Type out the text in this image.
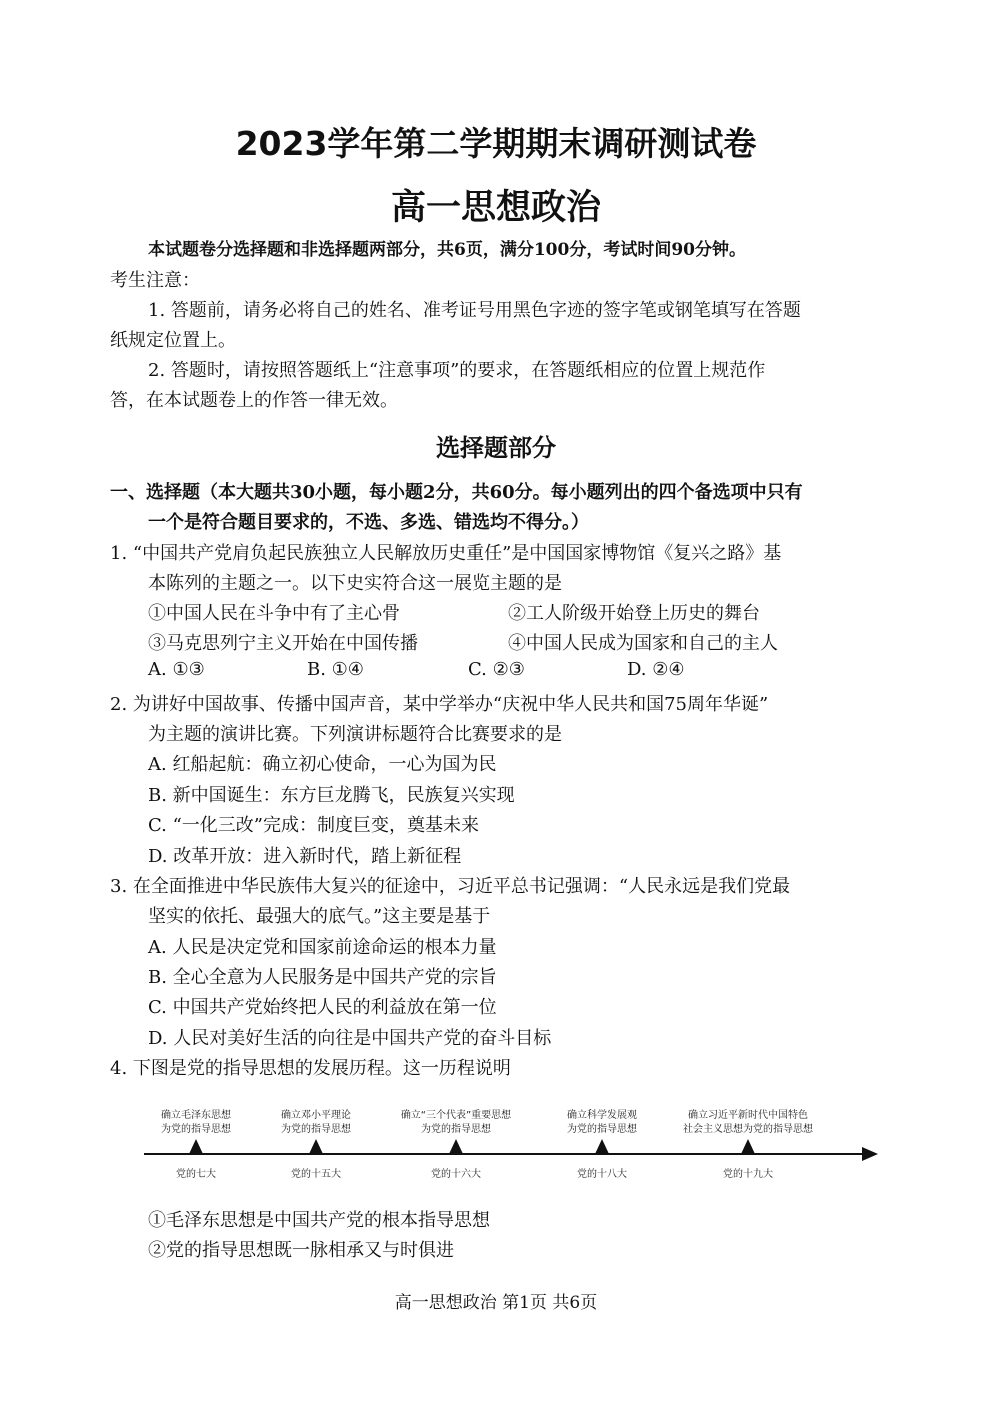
2023学年第二学期期末调研测试卷
高一思想政治
本试题卷分选择题和非选择题两部分，共6页，满分100分，考试时间90分钟。
考生注意：
1. 答题前，请务必将自己的姓名、准考证号用黑色字迹的签字笔或钢笔填写在答题
纸规定位置上。
2. 答题时，请按照答题纸上“注意事项”的要求，在答题纸相应的位置上规范作
答，在本试题卷上的作答一律无效。
选择题部分
一、选择题（本大题共30小题，每小题2分，共60分。每小题列出的四个备选项中只有
一个是符合题目要求的，不选、多选、错选均不得分。）
1. “中国共产党肩负起民族独立人民解放历史重任”是中国国家博物馆《复兴之路》基
本陈列的主题之一。以下史实符合这一展览主题的是
①中国人民在斗争中有了主心骨	②工人阶级开始登上历史的舞台
③马克思列宁主义开始在中国传播	④中国人民成为国家和自己的主人
A. ①③	B. ①④	C. ②③	D. ②④
2. 为讲好中国故事、传播中国声音，某中学举办“庆祝中华人民共和国75周年华诞”
为主题的演讲比赛。下列演讲标题符合比赛要求的是
A. 红船起航：确立初心使命，一心为国为民
B. 新中国诞生：东方巨龙腾飞，民族复兴实现
C. “一化三改”完成：制度巨变，奠基未来
D. 改革开放：进入新时代，踏上新征程
3. 在全面推进中华民族伟大复兴的征途中，习近平总书记强调：“人民永远是我们党最
坚实的依托、最强大的底气。”这主要是基于
A. 人民是决定党和国家前途命运的根本力量
B. 全心全意为人民服务是中国共产党的宗旨
C. 中国共产党始终把人民的利益放在第一位
D. 人民对美好生活的向往是中国共产党的奋斗目标
4. 下图是党的指导思想的发展历程。这一历程说明
确立毛泽东思想
为党的指导思想
党的七大
确立邓小平理论
为党的指导思想
党的十五大
确立“三个代表”重要思想
为党的指导思想
党的十六大
确立科学发展观
为党的指导思想
党的十八大
确立习近平新时代中国特色
社会主义思想为党的指导思想
党的十九大
①毛泽东思想是中国共产党的根本指导思想
②党的指导思想既一脉相承又与时俱进
高一思想政治 第1页 共6页
